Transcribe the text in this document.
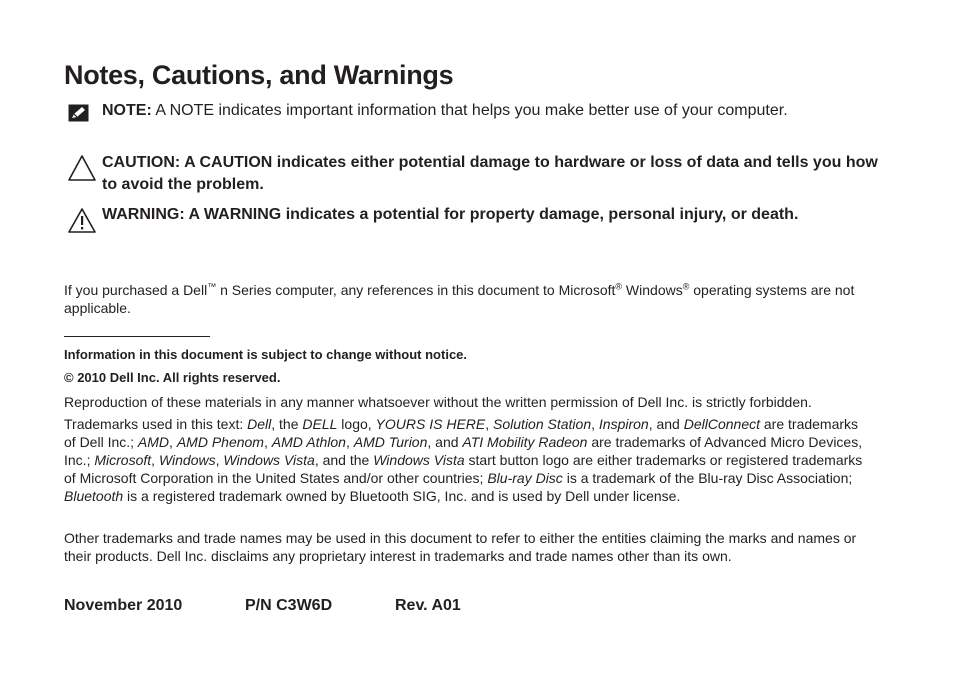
Notes, Cautions, and Warnings
NOTE: A NOTE indicates important information that helps you make better use of your computer.
CAUTION: A CAUTION indicates either potential damage to hardware or loss of data and tells you how to avoid the problem.
WARNING: A WARNING indicates a potential for property damage, personal injury, or death.
If you purchased a Dell™ n Series computer, any references in this document to Microsoft® Windows® operating systems are not applicable.
Information in this document is subject to change without notice.
© 2010 Dell Inc. All rights reserved.
Reproduction of these materials in any manner whatsoever without the written permission of Dell Inc. is strictly forbidden.
Trademarks used in this text: Dell, the DELL logo, YOURS IS HERE, Solution Station, Inspiron, and DellConnect are trademarks of Dell Inc.; AMD, AMD Phenom, AMD Athlon, AMD Turion, and ATI Mobility Radeon are trademarks of Advanced Micro Devices, Inc.; Microsoft, Windows, Windows Vista, and the Windows Vista start button logo are either trademarks or registered trademarks of Microsoft Corporation in the United States and/or other countries; Blu-ray Disc is a trademark of the Blu-ray Disc Association; Bluetooth is a registered trademark owned by Bluetooth SIG, Inc. and is used by Dell under license.
Other trademarks and trade names may be used in this document to refer to either the entities claiming the marks and names or their products. Dell Inc. disclaims any proprietary interest in trademarks and trade names other than its own.
November 2010	P/N C3W6D	Rev. A01
